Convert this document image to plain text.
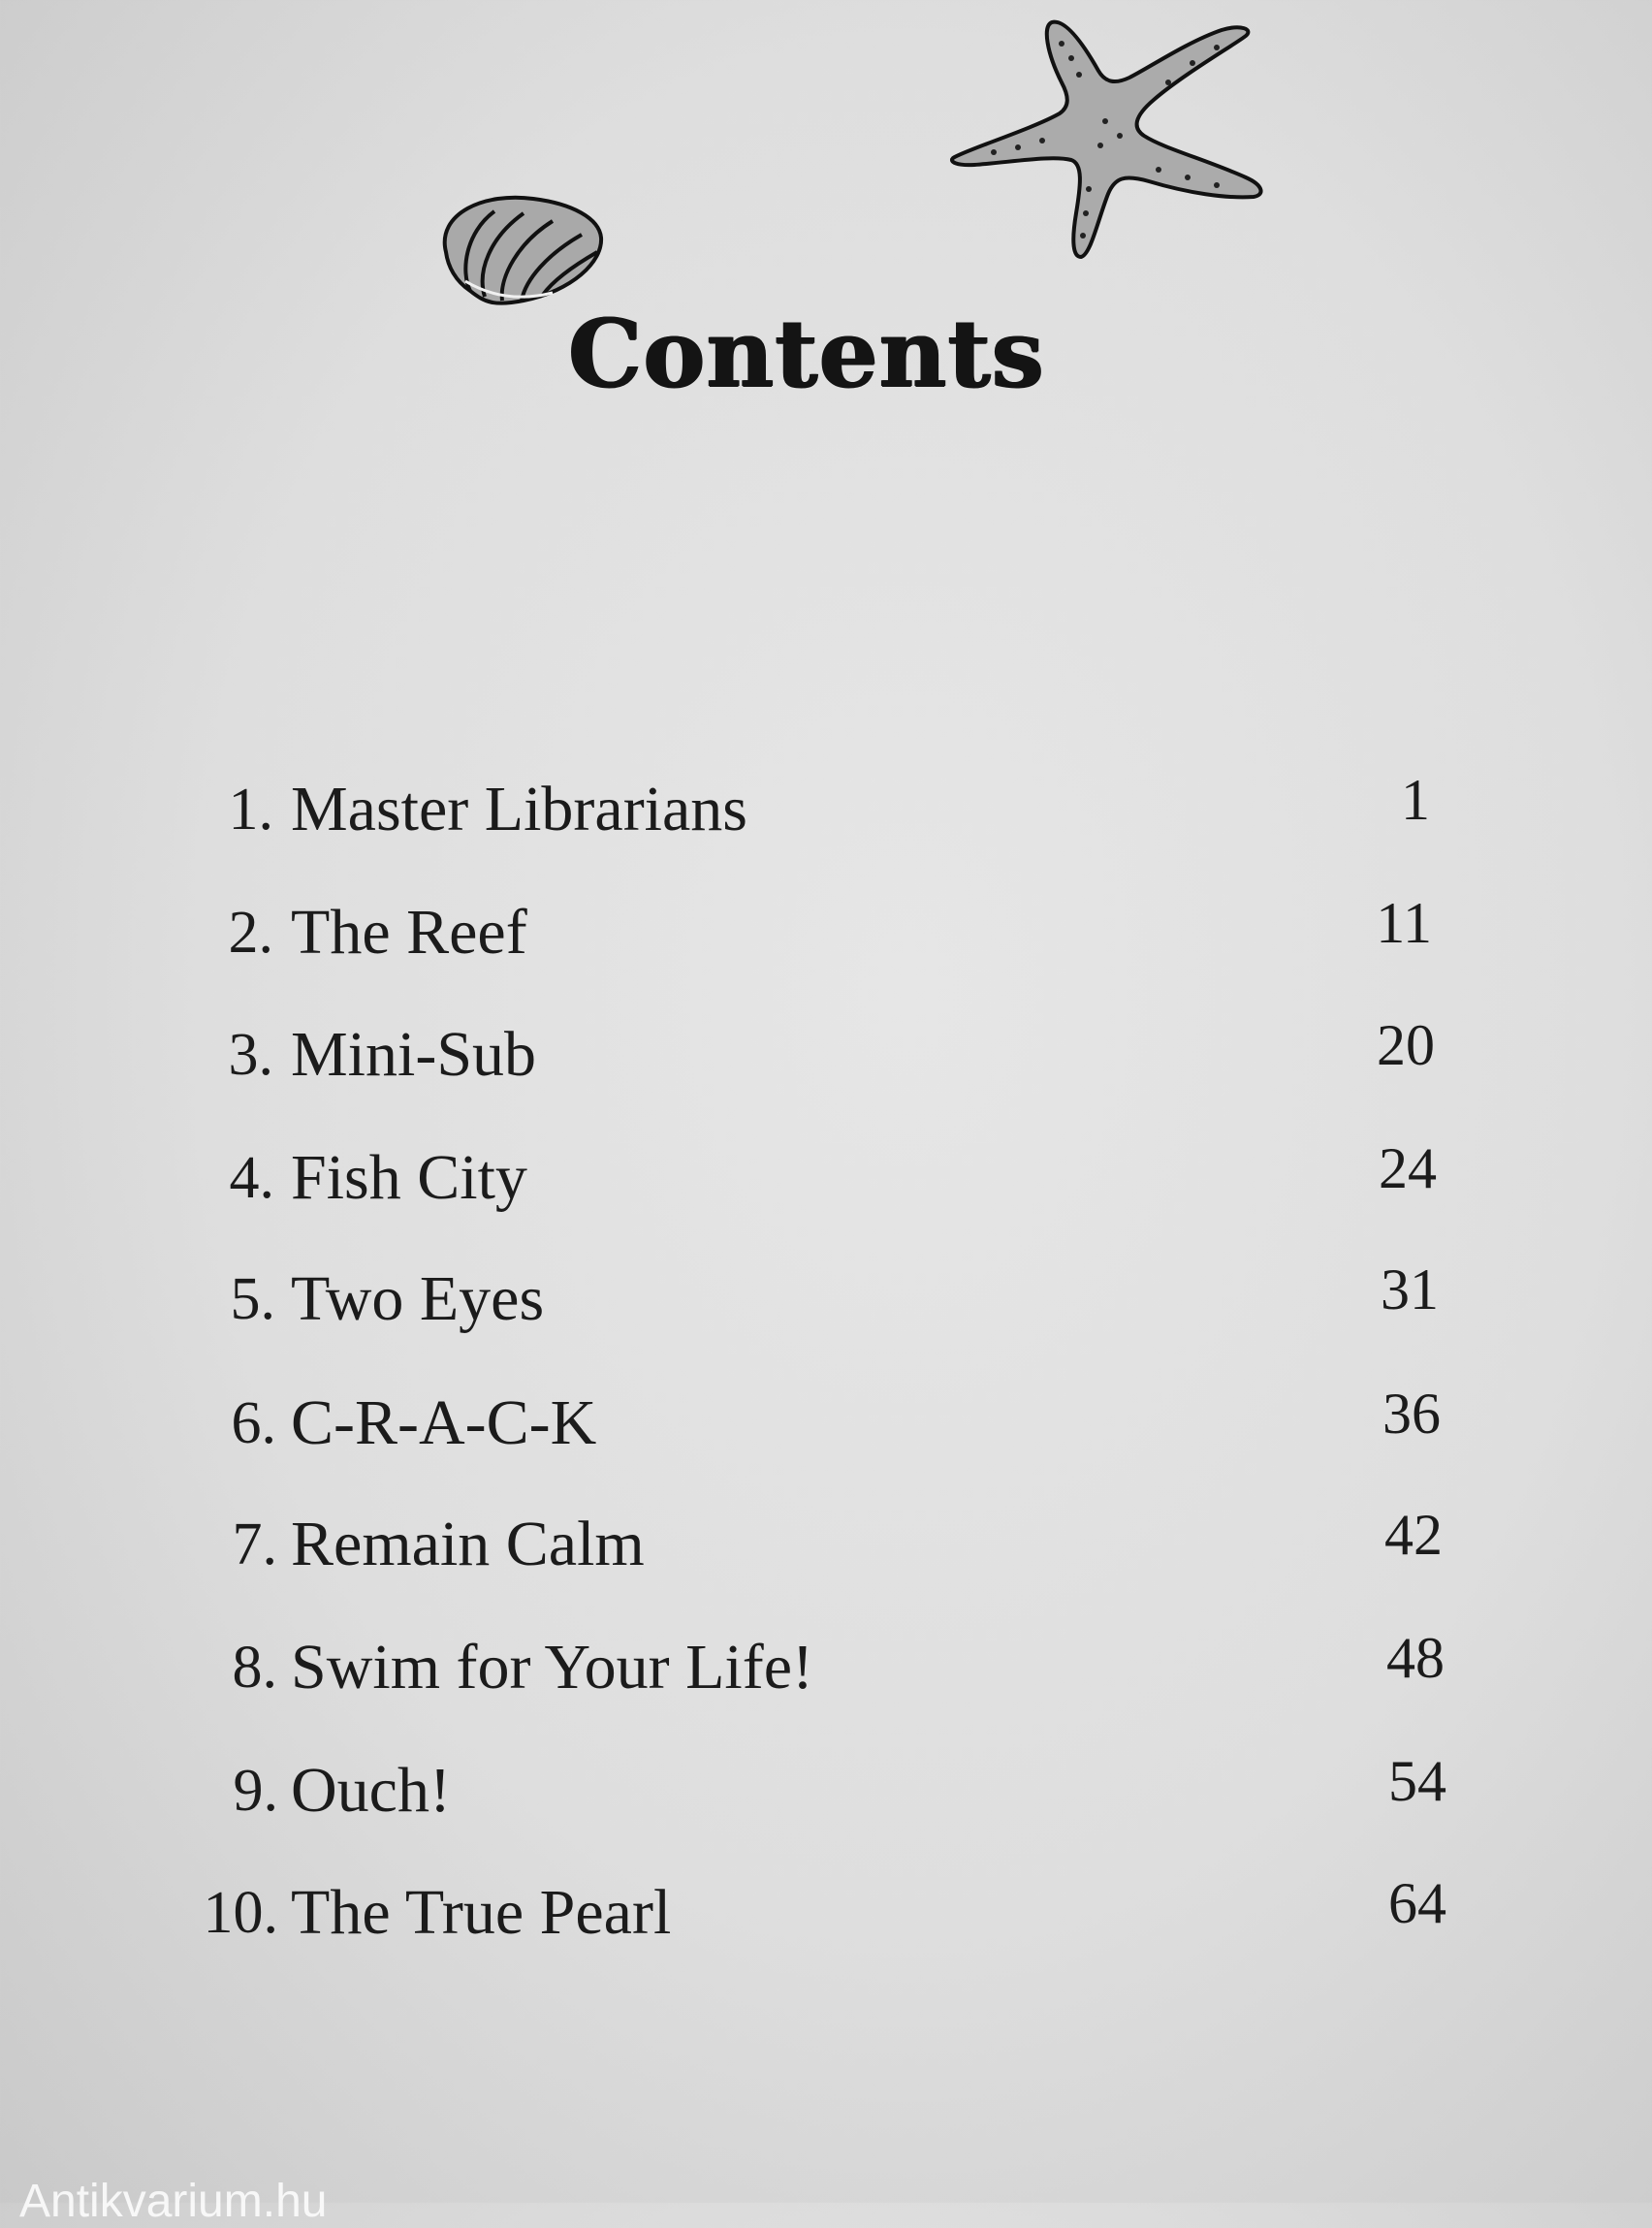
Contents
1. Master Librarians	1
2. The Reef	11
3. Mini-Sub	20
4. Fish City	24
5. Two Eyes	31
6. C-R-A-C-K	36
7. Remain Calm	42
8. Swim for Your Life!	48
9. Ouch!	54
10. The True Pearl	64
Antikvarium.hu
